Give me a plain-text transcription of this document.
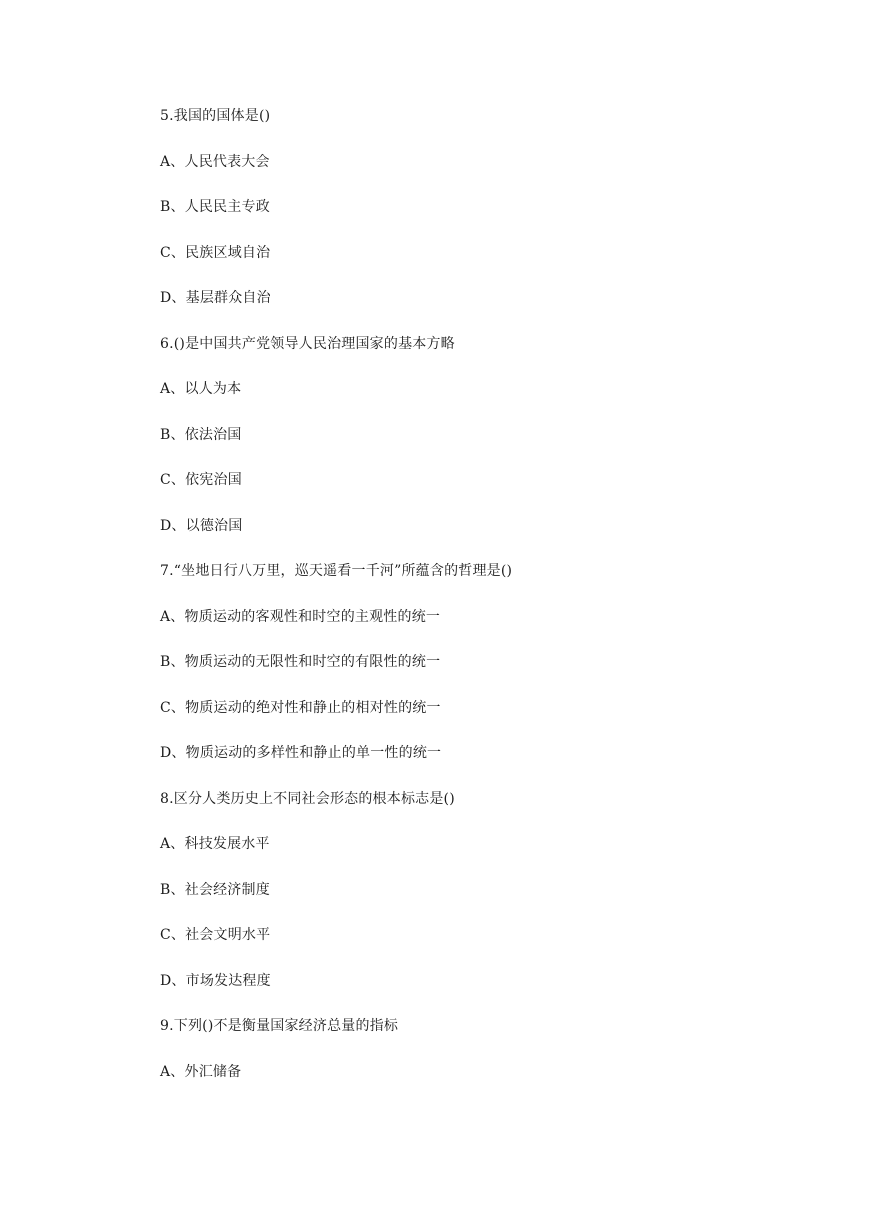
5.我国的国体是()
A、人民代表大会
B、人民民主专政
C、民族区域自治
D、基层群众自治
6.()是中国共产党领导人民治理国家的基本方略
A、以人为本
B、依法治国
C、依宪治国
D、以德治国
7.“坐地日行八万里，巡天遥看一千河”所蕴含的哲理是()
A、物质运动的客观性和时空的主观性的统一
B、物质运动的无限性和时空的有限性的统一
C、物质运动的绝对性和静止的相对性的统一
D、物质运动的多样性和静止的单一性的统一
8.区分人类历史上不同社会形态的根本标志是()
A、科技发展水平
B、社会经济制度
C、社会文明水平
D、市场发达程度
9.下列()不是衡量国家经济总量的指标
A、外汇储备
